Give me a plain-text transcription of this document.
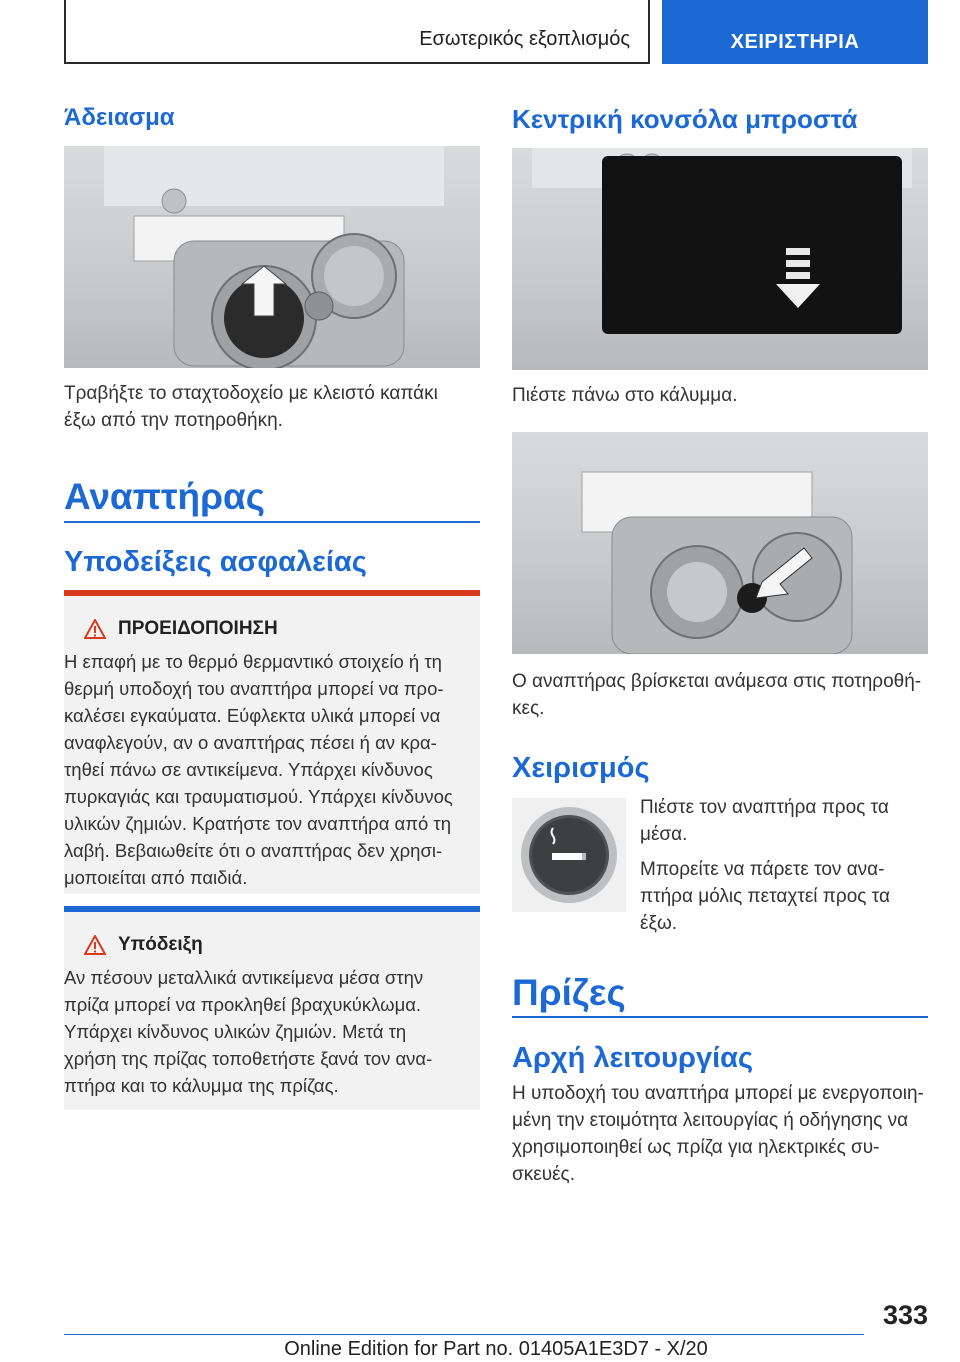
Εσωτερικός εξοπλισμός	ΧΕΙΡΙΣΤΗΡΙΑ
Άδειασμα
Τραβήξτε το σταχτοδοχείο με κλειστό καπάκι
έξω από την ποτηροθήκη.
Αναπτήρας
Υποδείξεις ασφαλείας
ΠΡΟΕΙΔΟΠΟΙΗΣΗ
Η επαφή με το θερμό θερμαντικό στοιχείο ή τη
θερμή υποδοχή του αναπτήρα μπορεί να προ-
καλέσει εγκαύματα. Εύφλεκτα υλικά μπορεί να
αναφλεγούν, αν ο αναπτήρας πέσει ή αν κρα-
τηθεί πάνω σε αντικείμενα. Υπάρχει κίνδυνος
πυρκαγιάς και τραυματισμού. Υπάρχει κίνδυνος
υλικών ζημιών. Κρατήστε τον αναπτήρα από τη
λαβή. Βεβαιωθείτε ότι ο αναπτήρας δεν χρησι-
μοποιείται από παιδιά.
Υπόδειξη
Αν πέσουν μεταλλικά αντικείμενα μέσα στην
πρίζα μπορεί να προκληθεί βραχυκύκλωμα.
Υπάρχει κίνδυνος υλικών ζημιών. Μετά τη
χρήση της πρίζας τοποθετήστε ξανά τον ανα-
πτήρα και το κάλυμμα της πρίζας.
Κεντρική κονσόλα μπροστά
Πιέστε πάνω στο κάλυμμα.
Ο αναπτήρας βρίσκεται ανάμεσα στις ποτηροθή-
κες.
Χειρισμός
Πιέστε τον αναπτήρα προς τα
μέσα.
Μπορείτε να πάρετε τον ανα-
πτήρα μόλις πεταχτεί προς τα
έξω.
Πρίζες
Αρχή λειτουργίας
Η υποδοχή του αναπτήρα μπορεί με ενεργοποιη-
μένη την ετοιμότητα λειτουργίας ή οδήγησης να
χρησιμοποιηθεί ως πρίζα για ηλεκτρικές συ-
σκευές.
333
Online Edition for Part no. 01405A1E3D7 - X/20
